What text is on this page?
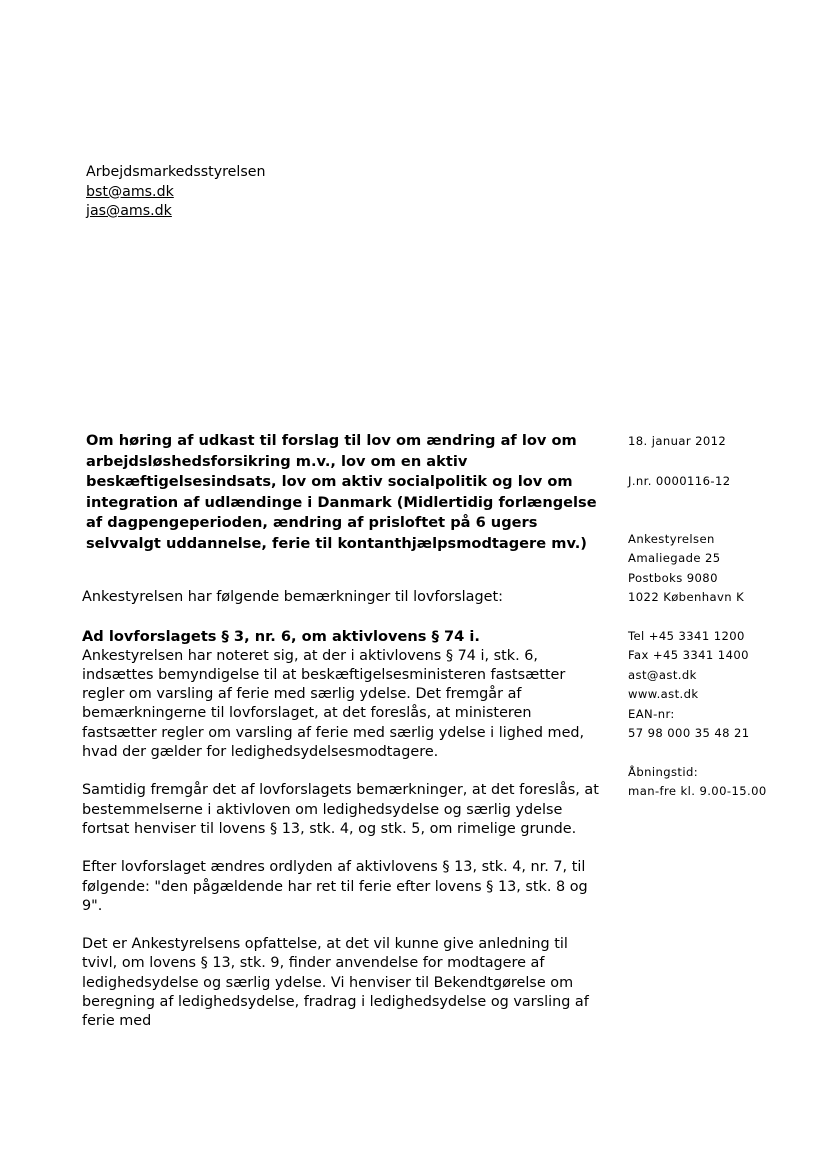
Arbejdsmarkedsstyrelsen
bst@ams.dk
jas@ams.dk
Om høring af udkast til forslag til lov om ændring af lov om arbejdsløshedsforsikring m.v., lov om en aktiv beskæftigelsesindsats, lov om aktiv socialpolitik og lov om integration af udlændinge i Danmark (Midlertidig forlængelse af dagpengeperioden, ændring af prisloftet på 6 ugers selvvalgt uddannelse, ferie til kontanthjælpsmodtagere mv.)

Ankestyrelsen har følgende bemærkninger til lovforslaget:

Ad lovforslagets § 3, nr. 6, om aktivlovens § 74 i.
Ankestyrelsen har noteret sig, at der i aktivlovens § 74 i, stk. 6, indsættes bemyndigelse til at beskæftigelsesministeren fastsætter regler om varsling af ferie med særlig ydelse. Det fremgår af bemærkningerne til lovforslaget, at det foreslås, at ministeren fastsætter regler om varsling af ferie med særlig ydelse i lighed med, hvad der gælder for ledighedsydelsesmodtagere.

Samtidig fremgår det af lovforslagets bemærkninger, at det foreslås, at bestemmelserne i aktivloven om ledighedsydelse og særlig ydelse fortsat henviser til lovens § 13, stk. 4, og stk. 5, om rimelige grunde.

Efter lovforslaget ændres ordlyden af aktivlovens § 13, stk. 4, nr. 7, til følgende: "den pågældende har ret til ferie efter lovens § 13, stk. 8 og 9".

Det er Ankestyrelsens opfattelse, at det vil kunne give anledning til tvivl, om lovens § 13, stk. 9, finder anvendelse for modtagere af ledighedsydelse og særlig ydelse. Vi henviser til Bekendtgørelse om beregning af ledighedsydelse, fradrag i ledighedsydelse og varsling af ferie med

18. januar 2012
J.nr. 0000116-12
Ankestyrelsen
Amaliegade 25
Postboks 9080
1022 København K
Tel +45 3341 1200
Fax +45 3341 1400
ast@ast.dk
www.ast.dk
EAN-nr:
57 98 000 35 48 21
Åbningstid:
man-fre kl. 9.00-15.00
